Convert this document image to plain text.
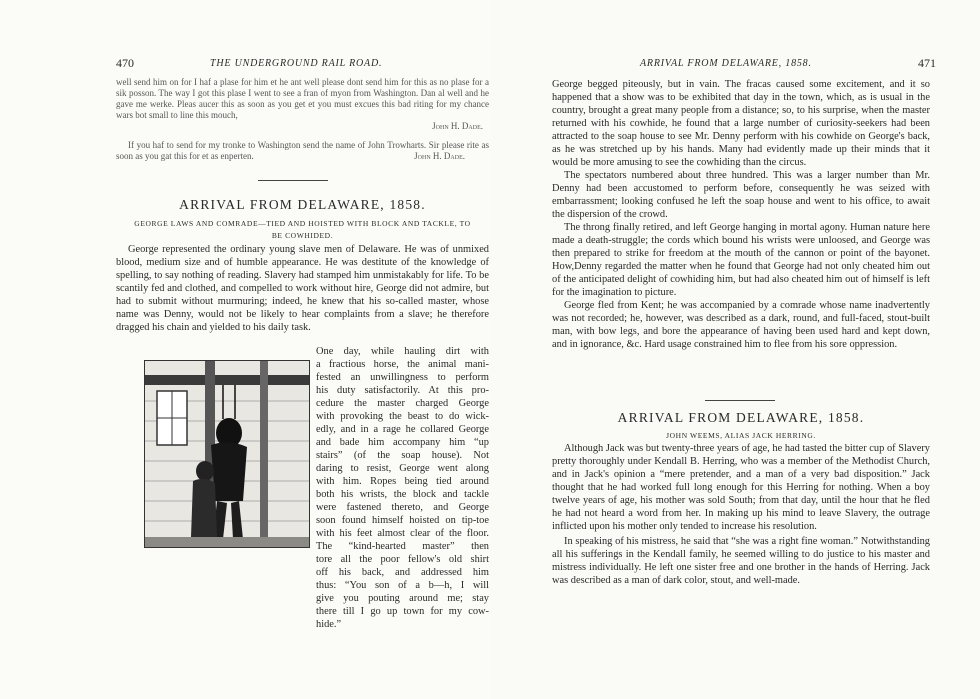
470	THE UNDERGROUND RAIL ROAD.
well send him on for I haf a plase for him et he ant well please dont send him for this as no plase for a sik posson. The way I got this plase I went to see a fran of myon from Washington. Dan al well and he gave me werke. Pleas aucer this as soon as you get et you must excues this bad riting for my chance wars bot small to line this mouch,
John H. Dade.
If you haf to send for my tronke to Washington send the name of John Trowharts. Sir please rite as soon as you gat this for et as enperten.	John H. Dade.
ARRIVAL FROM DELAWARE, 1858.
GEORGE LAWS AND COMRADE—TIED AND HOISTED WITH BLOCK AND TACKLE, TO
BE COWHIDED.

George represented the ordinary young slave men of Delaware. He was of unmixed blood, medium size and of humble appearance. He was destitute of the knowledge of spelling, to say nothing of reading. Slavery had stamped him unmistakably for life. To be scantily fed and clothed, and compelled to work without hire, George did not admire, but had to submit without murmuring; indeed, he knew that his so-called master, whose name was Denny, would not be likely to hear complaints from a slave; he therefore dragged his chain and yielded to his daily task.

One day, while hauling dirt with
a fractious horse, the animal mani-
fested an unwillingness to perform
his duty satisfactorily. At this pro-
cedure the master charged George
with provoking the beast to do wick-
edly, and in a rage he collared George
and bade him accompany him “up
stairs” (of the soap house). Not
daring to resist, George went along
with him. Ropes being tied around
both his wrists, the block and tackle
were fastened thereto, and George
soon found himself hoisted on tip-toe
with his feet almost clear of the floor.
The “kind-hearted master” then
tore all the poor fellow's old shirt
off his back, and addressed him
thus: “You son of a b—h, I will
give you pouting around me; stay
there till I go up town for my cow-
hide.”
ARRIVAL FROM DELAWARE, 1858.	471

George begged piteously, but in vain. The fracas caused some excitement, and it so happened that a show was to be exhibited that day in the town, which, as is usual in the country, brought a great many people from a distance; so, to his surprise, when the master returned with his cowhide, he found that a large number of curiosity-seekers had been attracted to the soap house to see Mr. Denny perform with his cowhide on George's back, as he was stretched up by his hands. Many had evidently made up their minds that it would be more amusing to see the cowhiding than the circus.

The spectators numbered about three hundred. This was a larger number than Mr. Denny had been accustomed to perform before, consequently he was seized with embarrassment; looking confused he left the soap house and went to his office, to await the dispersion of the crowd.

The throng finally retired, and left George hanging in mortal agony. Human nature here made a death-struggle; the cords which bound his wrists were unloosed, and George was then prepared to strike for freedom at the mouth of the cannon or point of the bayonet. How,Denny regarded the matter when he found that George had not only cheated him out of the anticipated delight of cowhiding him, but had also cheated him out of himself is left for the imagination to picture.

George fled from Kent; he was accompanied by a comrade whose name inadvertently was not recorded; he, however, was described as a dark, round, and full-faced, stout-built man, with bow legs, and bore the appearance of having been used hard and kept down, and in ignorance, &c. Hard usage constrained him to flee from his sore oppression.

ARRIVAL FROM DELAWARE, 1858.
JOHN WEEMS, ALIAS JACK HERRING.

Although Jack was but twenty-three years of age, he had tasted the bitter cup of Slavery pretty thoroughly under Kendall B. Herring, who was a member of the Methodist Church, and in Jack's opinion a “mere pretender, and a man of a very bad disposition.” Jack thought that he had worked full long enough for this Herring for nothing. When a boy twelve years of age, his mother was sold South; from that day, until the hour that he fled he had not heard a word from her. In making up his mind to leave Slavery, the outrage inflicted upon his mother only tended to increase his resolution.

In speaking of his mistress, he said that “she was a right fine woman.” Notwithstanding all his sufferings in the Kendall family, he seemed willing to do justice to his master and mistress individually. He left one sister free and one brother in the hands of Herring. Jack was described as a man of dark color, stout, and well-made.
